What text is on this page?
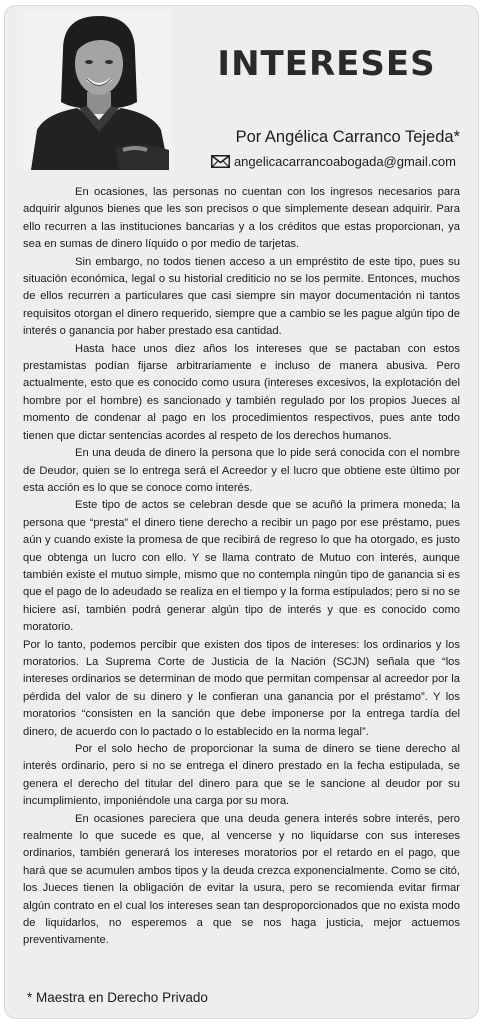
INTERESES
Por Angélica Carranco Tejeda*
angelicacarrancoabogada@gmail.com

En ocasiones, las personas no cuentan con los ingresos necesarios para adquirir algunos bienes que les son precisos o que simplemente desean adquirir. Para ello recurren a las instituciones bancarias y a los créditos que estas proporcionan, ya sea en sumas de dinero líquido o por medio de tarjetas.

Sin embargo, no todos tienen acceso a un empréstito de este tipo, pues su situación económica, legal o su historial crediticio no se los permite. Entonces, muchos de ellos recurren a particulares que casi siempre sin mayor documentación ni tantos requisitos otorgan el dinero requerido, siempre que a cambio se les pague algún tipo de interés o ganancia por haber prestado esa cantidad.

Hasta hace unos diez años los intereses que se pactaban con estos prestamistas podían fijarse arbitrariamente e incluso de manera abusiva. Pero actualmente, esto que es conocido como usura (intereses excesivos, la explotación del hombre por el hombre) es sancionado y también regulado por los propios Jueces al momento de condenar al pago en los procedimientos respectivos, pues ante todo tienen que dictar sentencias acordes al respeto de los derechos humanos.

En una deuda de dinero la persona que lo pide será conocida con el nombre de Deudor, quien se lo entrega será el Acreedor y el lucro que obtiene este último por esta acción es lo que se conoce como interés.

Este tipo de actos se celebran desde que se acuñó la primera moneda; la persona que “presta” el dinero tiene derecho a recibir un pago por ese préstamo, pues aún y cuando existe la promesa de que recibirá de regreso lo que ha otorgado, es justo que obtenga un lucro con ello. Y se llama contrato de Mutuo con interés, aunque también existe el mutuo simple, mismo que no contempla ningún tipo de ganancia si es que el pago de lo adeudado se realiza en el tiempo y la forma estipulados; pero si no se hiciere así, también podrá generar algún tipo de interés y que es conocido como moratorio.

Por lo tanto, podemos percibir que existen dos tipos de intereses: los ordinarios y los moratorios. La Suprema Corte de Justicia de la Nación (SCJN) señala que “los intereses ordinarios se determinan de modo que permitan compensar al acreedor por la pérdida del valor de su dinero y le confieran una ganancia por el préstamo”. Y los moratorios “consisten en la sanción que debe imponerse por la entrega tardía del dinero, de acuerdo con lo pactado o lo establecido en la norma legal”.

Por el solo hecho de proporcionar la suma de dinero se tiene derecho al interés ordinario, pero si no se entrega el dinero prestado en la fecha estipulada, se genera el derecho del titular del dinero para que se le sancione al deudor por su incumplimiento, imponiéndole una carga por su mora.

En ocasiones pareciera que una deuda genera interés sobre interés, pero realmente lo que sucede es que, al vencerse y no liquidarse con sus intereses ordinarios, también generará los intereses moratorios por el retardo en el pago, que hará que se acumulen ambos tipos y la deuda crezca exponencialmente. Como se citó, los Jueces tienen la obligación de evitar la usura, pero se recomienda evitar firmar algún contrato en el cual los intereses sean tan desproporcionados que no exista modo de liquidarlos, no esperemos a que se nos haga justicia, mejor actuemos preventivamente.

* Maestra en Derecho Privado
